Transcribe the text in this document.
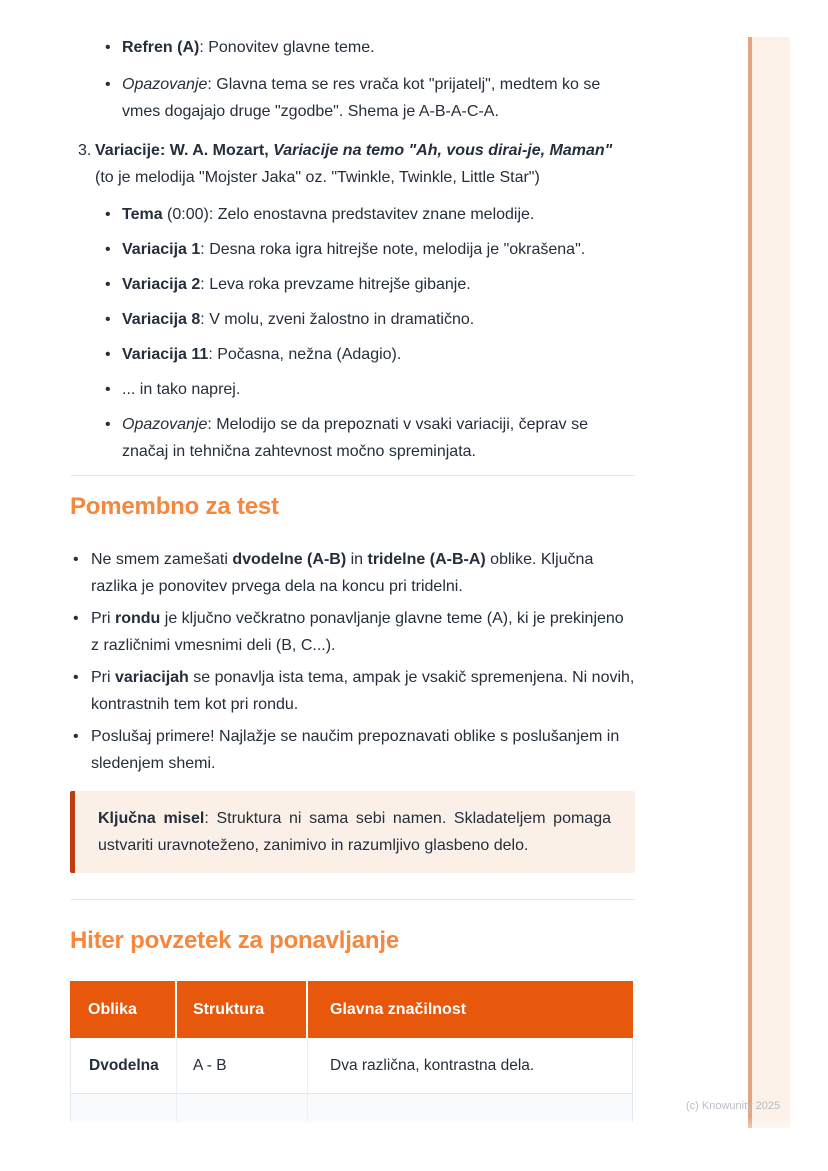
• Refren (A): Ponovitev glavne teme.
• Opazovanje: Glavna tema se res vrača kot "prijatelj", medtem ko se vmes dogajajo druge "zgodbe". Shema je A-B-A-C-A.
3. Variacije: W. A. Mozart, Variacije na temo "Ah, vous dirai-je, Maman" (to je melodija "Mojster Jaka" oz. "Twinkle, Twinkle, Little Star")
• Tema (0:00): Zelo enostavna predstavitev znane melodije.
• Variacija 1: Desna roka igra hitrejše note, melodija je "okrašena".
• Variacija 2: Leva roka prevzame hitrejše gibanje.
• Variacija 8: V molu, zveni žalostno in dramatično.
• Variacija 11: Počasna, nežna (Adagio).
• ... in tako naprej.
• Opazovanje: Melodijo se da prepoznati v vsaki variaciji, čeprav se značaj in tehnična zahtevnost močno spreminjata.
Pomembno za test
• Ne smem zamešati dvodelne (A-B) in tridelne (A-B-A) oblike. Ključna razlika je ponovitev prvega dela na koncu pri tridelni.
• Pri rondu je ključno večkratno ponavljanje glavne teme (A), ki je prekinjeno z različnimi vmesnimi deli (B, C...).
• Pri variacijah se ponavlja ista tema, ampak je vsakič spremenjena. Ni novih, kontrastnih tem kot pri rondu.
• Poslušaj primere! Najlažje se naučim prepoznavati oblike s poslušanjem in sledenjem shemi.
Ključna misel: Struktura ni sama sebi namen. Skladateljem pomaga ustvariti uravnoteženo, zanimivo in razumljivo glasbeno delo.
Hiter povzetek za ponavljanje
Oblika	Struktura	Glavna značilnost
Dvodelna	A - B	Dva različna, kontrastna dela.
(c) Knowunity 2025
